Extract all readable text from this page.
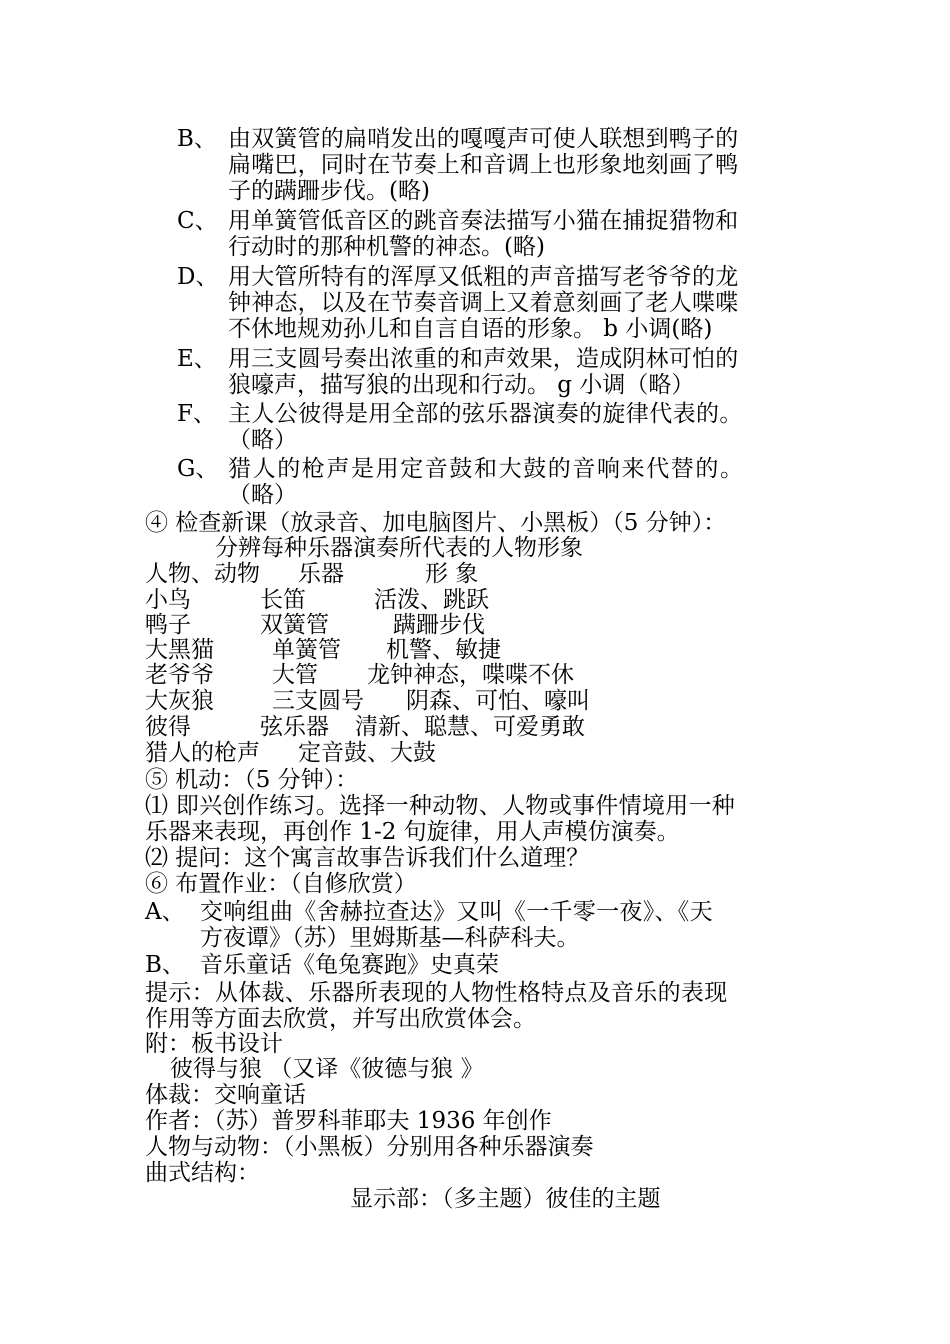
B、 由双簧管的扁哨发出的嘎嘎声可使人联想到鸭子的
扁嘴巴，同时在节奏上和音调上也形象地刻画了鸭
子的蹒跚步伐。(略)
C、 用单簧管低音区的跳音奏法描写小猫在捕捉猎物和
行动时的那种机警的神态。(略)
D、 用大管所特有的浑厚又低粗的声音描写老爷爷的龙
钟神态，以及在节奏音调上又着意刻画了老人喋喋
不休地规劝孙儿和自言自语的形象。 b 小调(略)
E、 用三支圆号奏出浓重的和声效果，造成阴林可怕的
狼嚎声，描写狼的出现和行动。 g 小调（略）
F、 主人公彼得是用全部的弦乐器演奏的旋律代表的。
（略）
G、 猎人的枪声是用定音鼓和大鼓的音响来代替的。
（略）
④ 检查新课（放录音、加电脑图片、小黑板）（5 分钟）：
分辨每种乐器演奏所代表的人物形象
人物、动物 乐器	形 象
小鸟	长笛	活泼、跳跃
鸭子	双簧管	蹒跚步伐
大黑猫	单簧管 机警、敏捷
老爷爷	大管 龙钟神态，喋喋不休
大灰狼	三支圆号 阴森、可怕、嚎叫
彼得	弦乐器 清新、聪慧、可爱勇敢
猎人的枪声 定音鼓、大鼓
⑤ 机动：（5 分钟）：
⑴ 即兴创作练习。选择一种动物、人物或事件情境用一种
乐器来表现，再创作 1-2 句旋律，用人声模仿演奏。
⑵ 提问：这个寓言故事告诉我们什么道理？
⑥ 布置作业：（自修欣赏）
A、 交响组曲《舍赫拉查达》又叫《一千零一夜》、《天
方夜谭》（苏）里姆斯基—科萨科夫。
B、 音乐童话《龟兔赛跑》史真荣
提示：从体裁、乐器所表现的人物性格特点及音乐的表现
作用等方面去欣赏，并写出欣赏体会。
附：板书设计
彼得与狼 （又译《彼德与狼 》
体裁：交响童话
作者：（苏）普罗科菲耶夫 1936 年创作
人物与动物：（小黑板）分别用各种乐器演奏
曲式结构：
显示部：（多主题）彼佳的主题
